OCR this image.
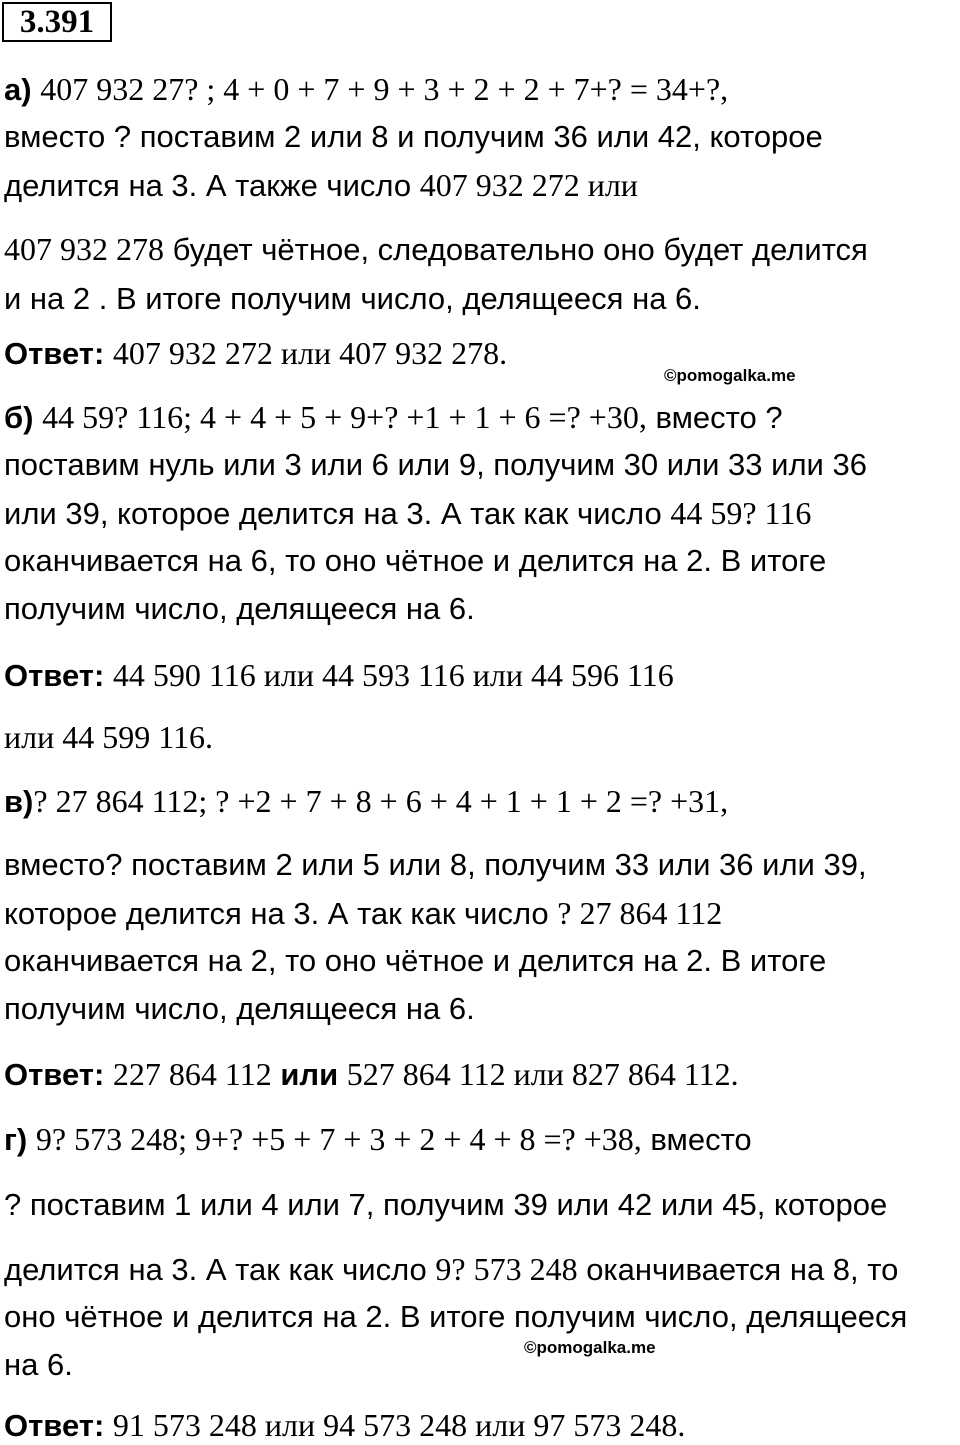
3.391
а) 407 932 27? ; 4 + 0 + 7 + 9 + 3 + 2 + 2 + 7+? = 34+?,
вместо ? поставим 2 или 8 и получим 36 или 42, которое
делится на 3. А также число 407 932 272 или
407 932 278 будет чётное, следовательно оно будет делится
и на 2 . В итоге получим число, делящееся на 6.
Ответ: 407 932 272 или 407 932 278.
©pomogalka.me
б) 44 59? 116; 4 + 4 + 5 + 9+? +1 + 1 + 6 =? +30, вместо ?
поставим нуль или 3 или 6 или 9, получим 30 или 33 или 36
или 39, которое делится на 3. А так как число 44 59? 116
оканчивается на 6, то оно чётное и делится на 2. В итоге
получим число, делящееся на 6.
Ответ: 44 590 116 или 44 593 116 или 44 596 116
или 44 599 116.
в)? 27 864 112; ? +2 + 7 + 8 + 6 + 4 + 1 + 1 + 2 =? +31,
вместо? поставим 2 или 5 или 8, получим 33 или 36 или 39,
которое делится на 3. А так как число ? 27 864 112
оканчивается на 2, то оно чётное и делится на 2. В итоге
получим число, делящееся на 6.
Ответ: 227 864 112 или 527 864 112 или 827 864 112.
г) 9? 573 248; 9+? +5 + 7 + 3 + 2 + 4 + 8 =? +38, вместо
? поставим 1 или 4 или 7, получим 39 или 42 или 45, которое
делится на 3. А так как число 9? 573 248 оканчивается на 8, то
оно чётное и делится на 2. В итоге получим число, делящееся
на 6.	©pomogalka.me
Ответ: 91 573 248 или 94 573 248 или 97 573 248.
